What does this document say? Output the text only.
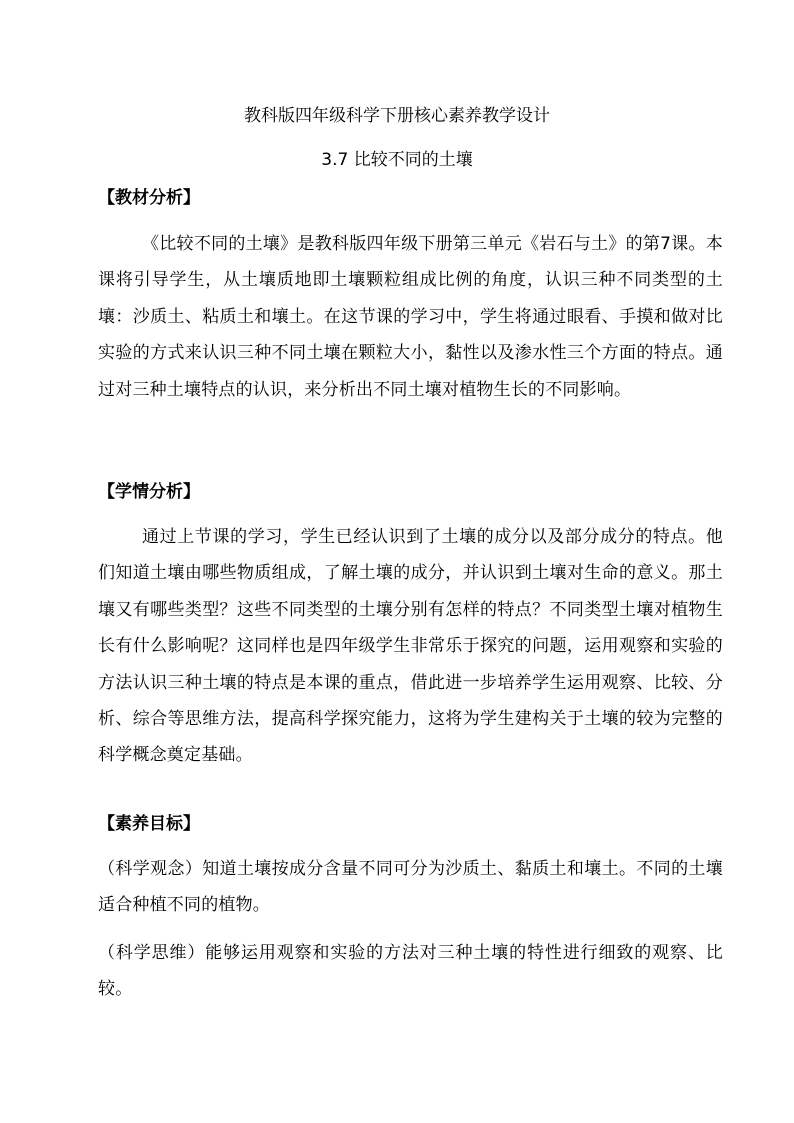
教科版四年级科学下册核心素养教学设计
3.7 比较不同的土壤
【教材分析】
《比较不同的土壤》是教科版四年级下册第三单元《岩石与土》的第7课。本课将引导学生，从土壤质地即土壤颗粒组成比例的角度，认识三种不同类型的土壤：沙质土、粘质土和壤土。在这节课的学习中，学生将通过眼看、手摸和做对比实验的方式来认识三种不同土壤在颗粒大小，黏性以及渗水性三个方面的特点。通过对三种土壤特点的认识，来分析出不同土壤对植物生长的不同影响。
【学情分析】
通过上节课的学习，学生已经认识到了土壤的成分以及部分成分的特点。他们知道土壤由哪些物质组成，了解土壤的成分，并认识到土壤对生命的意义。那土壤又有哪些类型？这些不同类型的土壤分别有怎样的特点？不同类型土壤对植物生长有什么影响呢？这同样也是四年级学生非常乐于探究的问题，运用观察和实验的方法认识三种土壤的特点是本课的重点，借此进一步培养学生运用观察、比较、分析、综合等思维方法，提高科学探究能力，这将为学生建构关于土壤的较为完整的科学概念奠定基础。
【素养目标】
（科学观念）知道土壤按成分含量不同可分为沙质土、黏质土和壤土。不同的土壤适合种植不同的植物。
（科学思维）能够运用观察和实验的方法对三种土壤的特性进行细致的观察、比较。
